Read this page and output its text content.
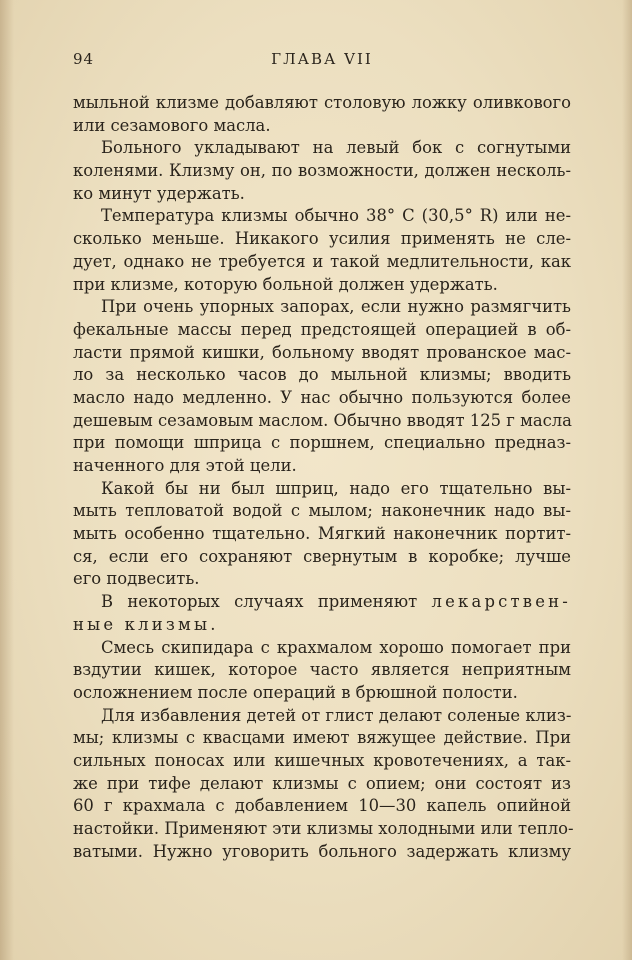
94	ГЛАВА VII
мыльной клизме добавляют столовую ложку оливкового
или сезамового масла.
Больного укладывают на левый бок с согнутыми
коленями. Клизму он, по возможности, должен несколь-
ко минут удержать.
Температура клизмы обычно 38° С (30,5° R) или не-
сколько меньше. Никакого усилия применять не сле-
дует, однако не требуется и такой медлительности, как
при клизме, которую больной должен удержать.
При очень упорных запорах, если нужно размягчить
фекальные массы перед предстоящей операцией в об-
ласти прямой кишки, больному вводят прованское мас-
ло за несколько часов до мыльной клизмы; вводить
масло надо медленно. У нас обычно пользуются более
дешевым сезамовым маслом. Обычно вводят 125 г масла
при помощи шприца с поршнем, специально предназ-
наченного для этой цели.
Какой бы ни был шприц, надо его тщательно вы-
мыть тепловатой водой с мылом; наконечник надо вы-
мыть особенно тщательно. Мягкий наконечник портит-
ся, если его сохраняют свернутым в коробке; лучше
его подвесить.
В некоторых случаях применяют лекарствен-
ные клизмы.
Смесь скипидара с крахмалом хорошо помогает при
вздутии кишек, которое часто является неприятным
осложнением после операций в брюшной полости.
Для избавления детей от глист делают соленые клиз-
мы; клизмы с квасцами имеют вяжущее действие. При
сильных поносах или кишечных кровотечениях, а так-
же при тифе делают клизмы с опием; они состоят из
60 г крахмала с добавлением 10—30 капель опийной
настойки. Применяют эти клизмы холодными или тепло-
ватыми. Нужно уговорить больного задержать клизму
